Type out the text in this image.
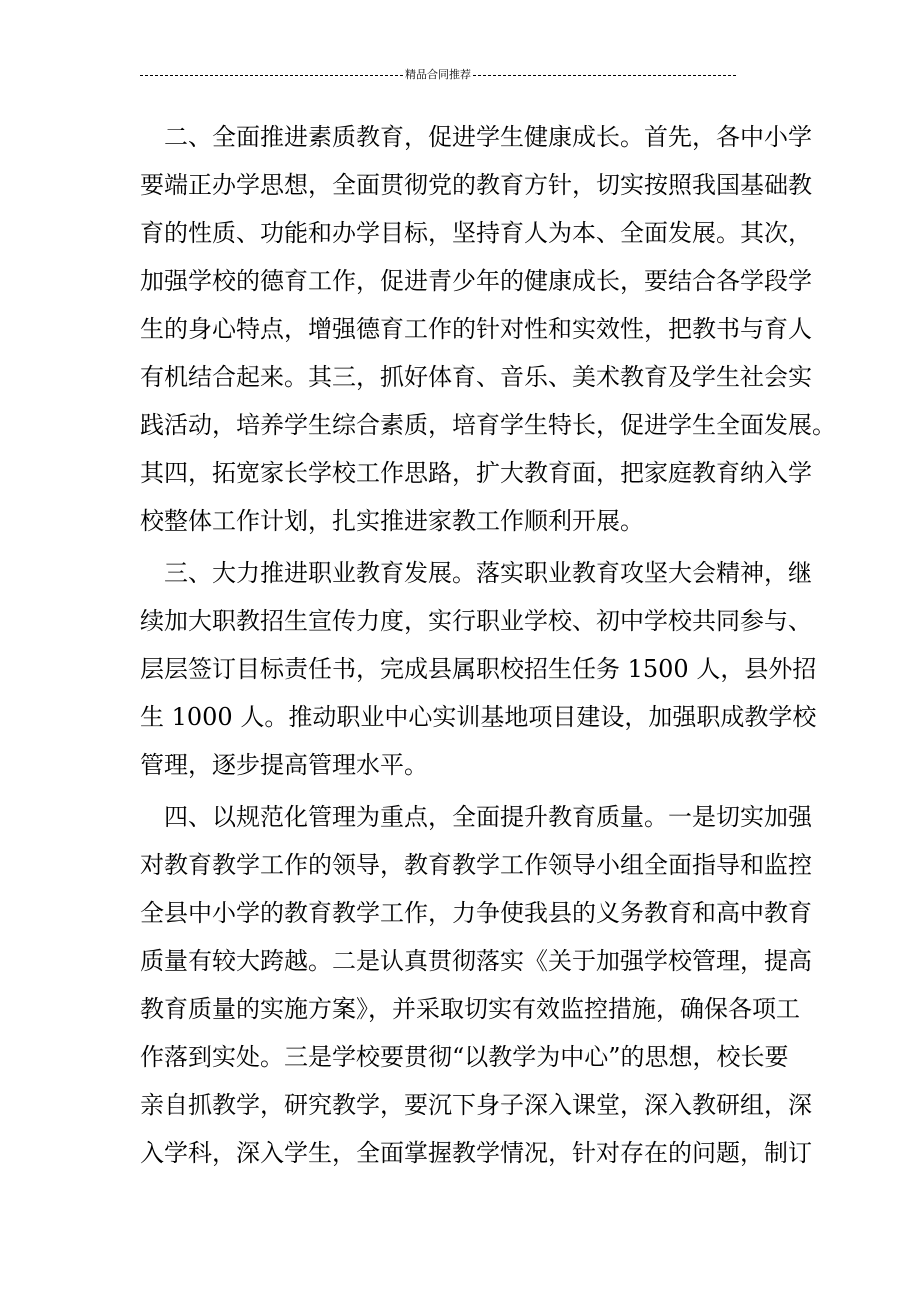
精品合同推荐
二、全面推进素质教育，促进学生健康成长。首先，各中小学
要端正办学思想，全面贯彻党的教育方针，切实按照我国基础教
育的性质、功能和办学目标，坚持育人为本、全面发展。其次，
加强学校的德育工作，促进青少年的健康成长，要结合各学段学
生的身心特点，增强德育工作的针对性和实效性，把教书与育人
有机结合起来。其三，抓好体育、音乐、美术教育及学生社会实
践活动，培养学生综合素质，培育学生特长，促进学生全面发展。
其四，拓宽家长学校工作思路，扩大教育面，把家庭教育纳入学
校整体工作计划，扎实推进家教工作顺利开展。
三、大力推进职业教育发展。落实职业教育攻坚大会精神，继
续加大职教招生宣传力度，实行职业学校、初中学校共同参与、
层层签订目标责任书，完成县属职校招生任务 1500 人，县外招
生 1000 人。推动职业中心实训基地项目建设，加强职成教学校
管理，逐步提高管理水平。
四、以规范化管理为重点，全面提升教育质量。一是切实加强
对教育教学工作的领导，教育教学工作领导小组全面指导和监控
全县中小学的教育教学工作，力争使我县的义务教育和高中教育
质量有较大跨越。二是认真贯彻落实《关于加强学校管理，提高
教育质量的实施方案》，并采取切实有效监控措施，确保各项工
作落到实处。三是学校要贯彻“以教学为中心”的思想，校长要
亲自抓教学，研究教学，要沉下身子深入课堂，深入教研组，深
入学科，深入学生，全面掌握教学情况，针对存在的问题，制订
